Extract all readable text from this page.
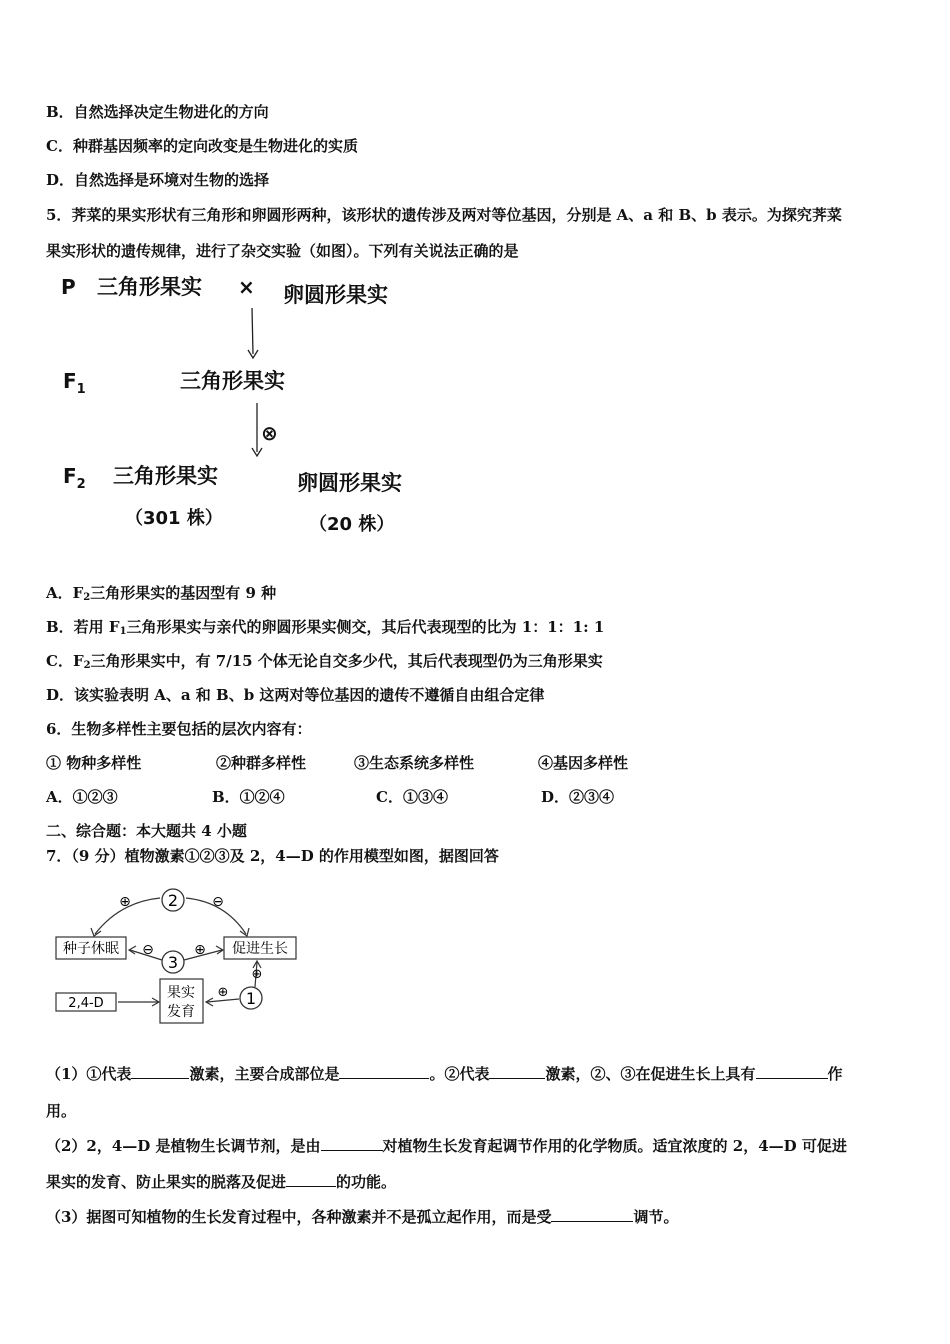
B．自然选择决定生物进化的方向
C．种群基因频率的定向改变是生物进化的实质
D．自然选择是环境对生物的选择
5．荠菜的果实形状有三角形和卵圆形两种，该形状的遗传涉及两对等位基因，分别是 A、a 和 B、b 表示。为探究荠菜
果实形状的遗传规律，进行了杂交实验（如图）。下列有关说法正确的是
P 三角形果实 × 卵圆形果实
$F_1$	三角形果实
⊗
$F_2$ 三角形果实
（301 株）
卵圆形果实
（20 株）
A．$F_2$三角形果实的基因型有 9 种
B．若用 $F_1$三角形果实与亲代的卵圆形果实侧交，其后代表现型的比为 1：1：1: 1
C．$F_2$三角形果实中，有 7/15 个体无论自交多少代，其后代表现型仍为三角形果实
D．该实验表明 A、a 和 B、b 这两对等位基因的遗传不遵循自由组合定律
6．生物多样性主要包括的层次内容有：
① 物种多样性	②种群多样性	③生态系统多样性	④基因多样性
A．①②③	B．①②④	C．①③④	D．②③④
二、综合题：本大题共 4 小题
7．（9 分）植物激素①②③及 2，4—D 的作用模型如图，据图回答
2
⊕	⊖
种子休眠	促进生长
3
⊖	⊕
1
⊕
2,4-D
果实
发育
⊕
（1）①代表	激素，主要合成部位是	。②代表	激素，②、③在促进生长上具有	作
用。
（2）2，4—D 是植物生长调节剂，是由	对植物生长发育起调节作用的化学物质。适宜浓度的 2，4—D 可促进
果实的发育、防止果实的脱落及促进	的功能。
（3）据图可知植物的生长发育过程中，各种激素并不是孤立起作用，而是受	调节。
